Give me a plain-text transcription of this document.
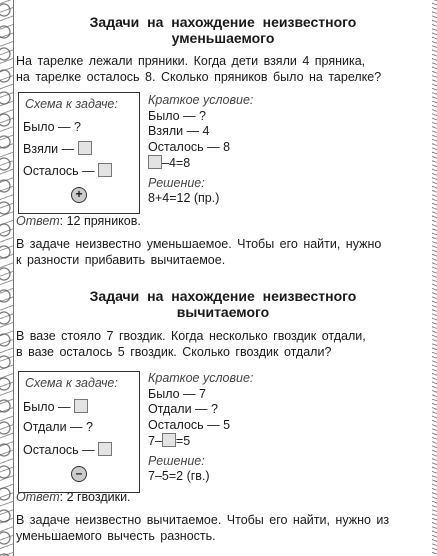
Задачи на нахождение неизвестного
уменьшаемого

На тарелке лежали пряники. Когда дети взяли 4 пряника,

на тарелке осталось 8. Сколько пряников было на тарелке?

Схема к задаче:
Было — ?
Взяли —
Осталось —
+
Краткое условие:
Было — ?
Взяли — 4
Осталось — 8
–4=8
Решение:
8+4=12 (пр.)
Ответ: 12 пряников.

В задаче неизвестно уменьшаемое. Чтобы его найти, нужно

к разности прибавить вычитаемое.

Задачи на нахождение неизвестного
вычитаемого

В вазе стояло 7 гвоздик. Когда несколько гвоздик отдали,

в вазе осталось 5 гвоздик. Сколько гвоздик отдали?

Схема к задаче:
Было —
Отдали — ?
Осталось —
–
Краткое условие:
Было — 7
Отдали — ?
Осталось — 5
7– =5
Решение:
7–5=2 (гв.)
Ответ: 2 гвоздики.

В задаче неизвестно вычитаемое. Чтобы его найти, нужно из

уменьшаемого вычесть разность.
